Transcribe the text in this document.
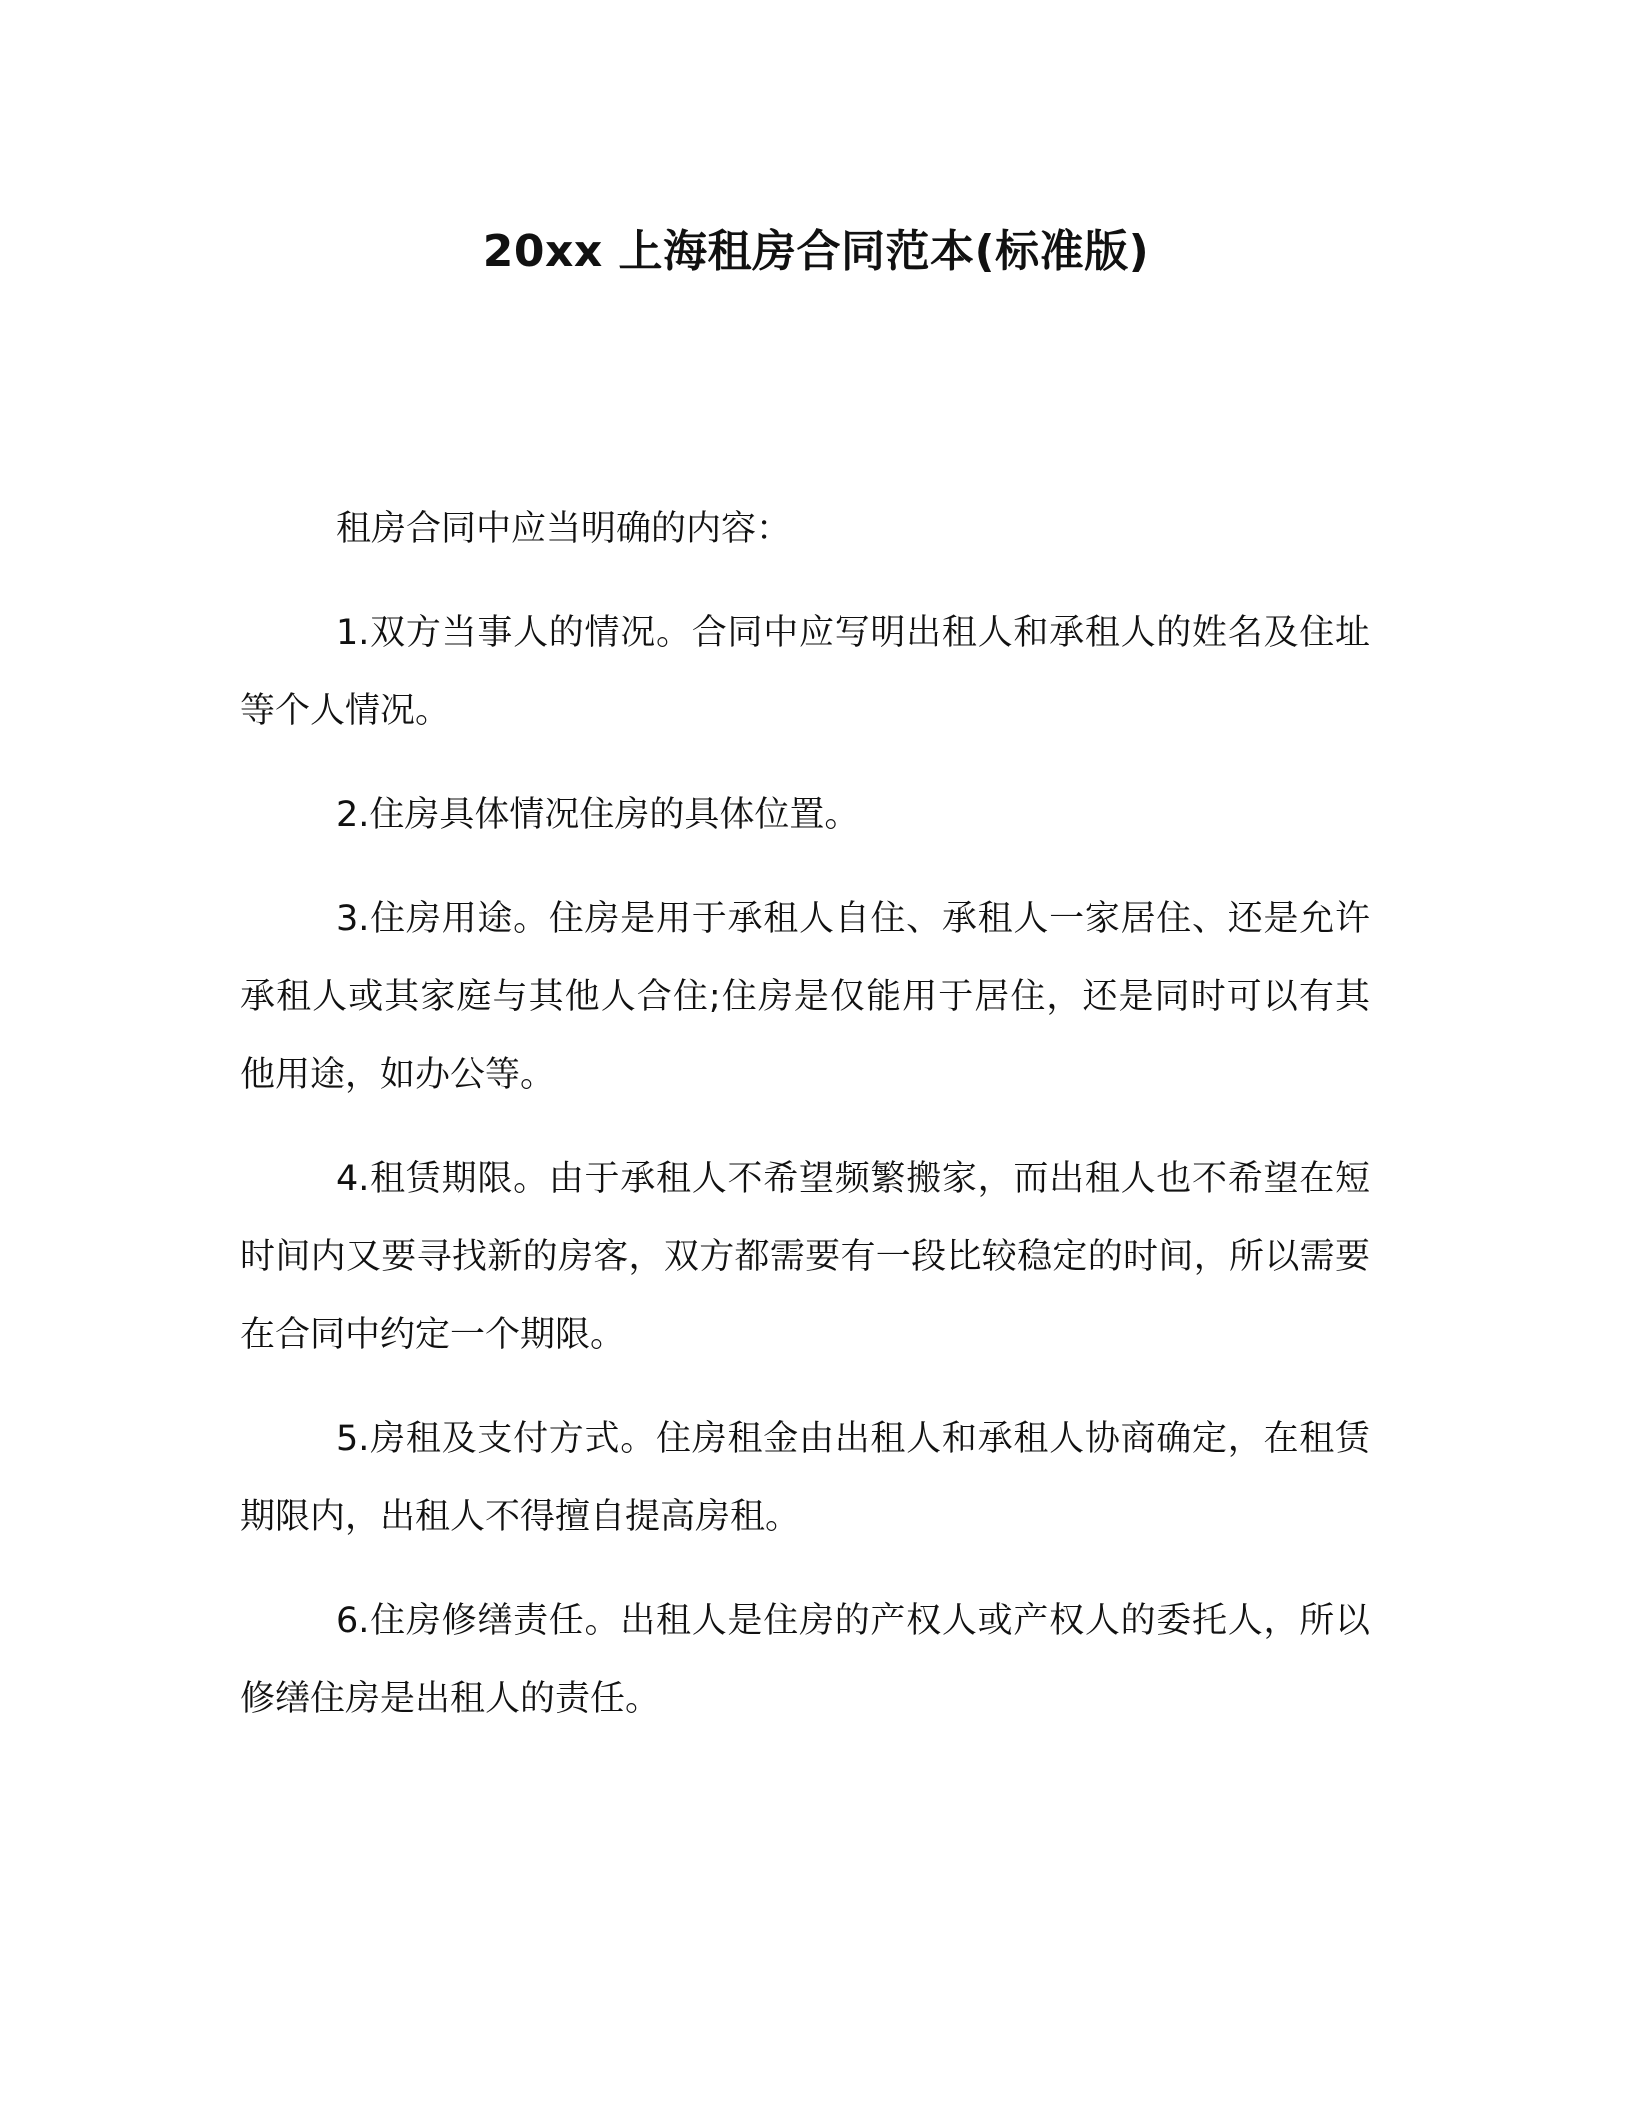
20xx 上海租房合同范本(标准版)

租房合同中应当明确的内容：

1.双方当事人的情况。合同中应写明出租人和承租人的姓名及住址等个人情况。

2.住房具体情况住房的具体位置。

3.住房用途。住房是用于承租人自住、承租人一家居住、还是允许承租人或其家庭与其他人合住;住房是仅能用于居住，还是同时可以有其他用途，如办公等。

4.租赁期限。由于承租人不希望频繁搬家，而出租人也不希望在短时间内又要寻找新的房客，双方都需要有一段比较稳定的时间，所以需要在合同中约定一个期限。

5.房租及支付方式。住房租金由出租人和承租人协商确定，在租赁期限内，出租人不得擅自提高房租。

6.住房修缮责任。出租人是住房的产权人或产权人的委托人，所以修缮住房是出租人的责任。
